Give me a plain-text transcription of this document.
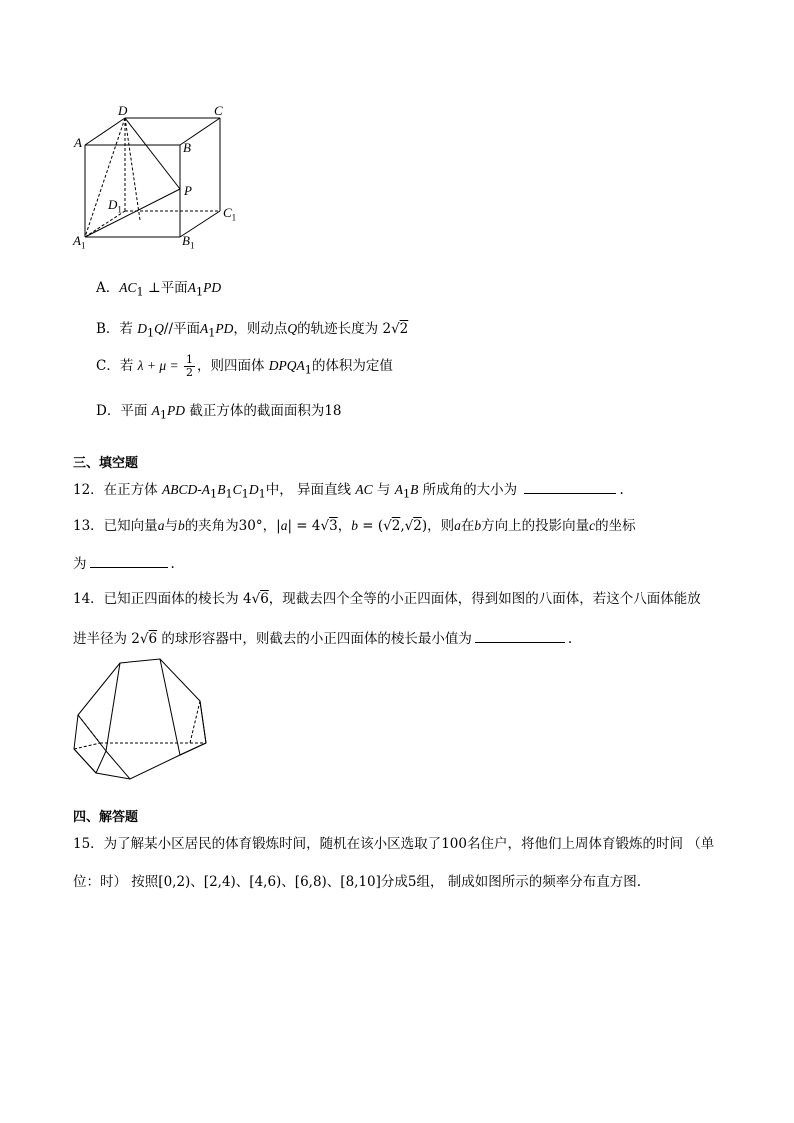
D	C
A	B
P
$D_1$	$C_1$
$A_1$	$B_1$
A．$AC_1$ ⊥平面$A_1PD$
B．若 $D_1Q//$平面$A_1PD$，则动点Q的轨迹长度为 2√2
C．若 $\lambda + \mu = \frac{1}{2}$ ，则四面体 $DPQA_1$的体积为定值
D．平面 $A_1PD$ 截正方体的截面面积为18
三、填空题
12．在正方体 ABCD-$A_1B_1C_1D_1$中， 异面直线 AC 与 $A_1B$ 所成角的大小为	.
13．已知向量a与b的夹角为30°，|a| = 4√3，b = (√2,√2)，则a在b方向上的投影向量c的坐标
为	.
14．已知正四面体的棱长为 4√6，现截去四个全等的小正四面体，得到如图的八面体，若这个八面体能放
进半径为 2√6 的球形容器中，则截去的小正四面体的棱长最小值为	.
四、解答题
15．为了解某小区居民的体育锻炼时间，随机在该小区选取了100名住户，将他们上周体育锻炼的时间 （单
位：时） 按照[0,2)、[2,4)、[4,6)、[6,8)、[8,10]分成5组， 制成如图所示的频率分布直方图.
